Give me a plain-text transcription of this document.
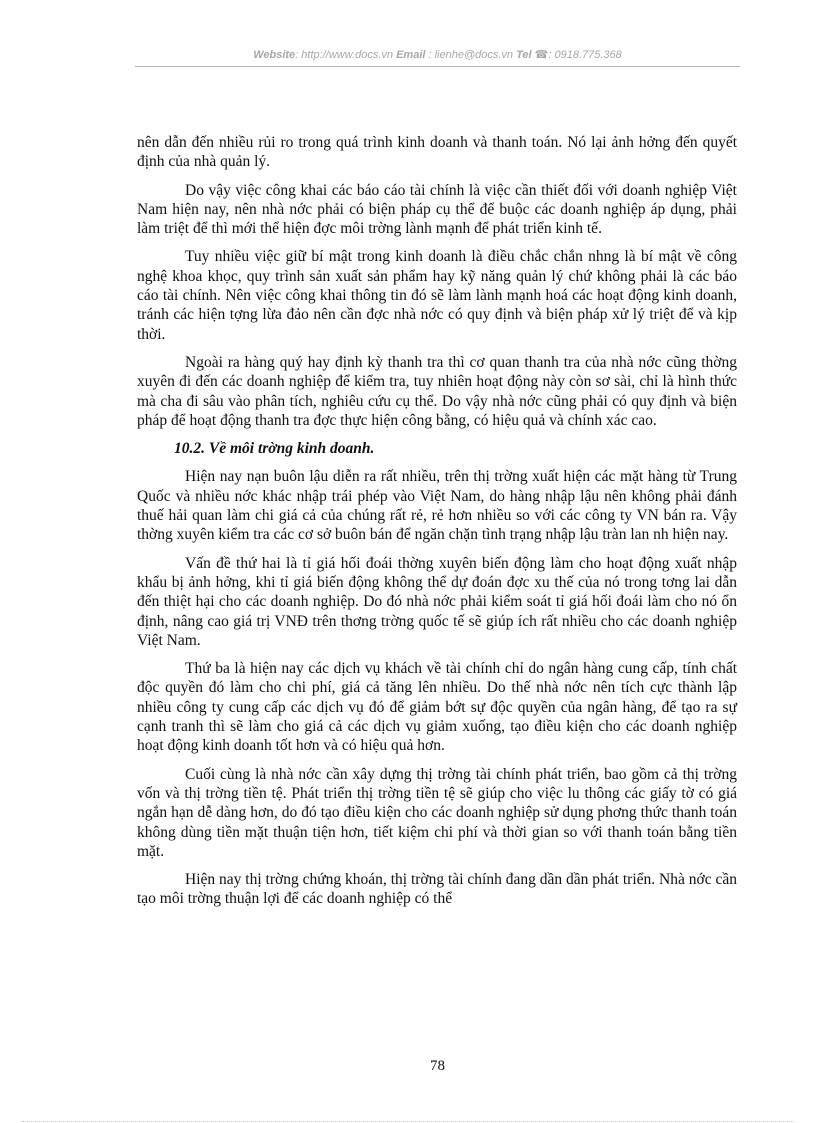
Website: http://www.docs.vn Email : lienhe@docs.vn Tel ☎: 0918.775.368

nên dẫn đến nhiều rủi ro trong quá trình kinh doanh và thanh toán. Nó lại ảnh hởng đến quyết định của nhà quản lý.

Do vậy việc công khai các báo cáo tài chính là việc cần thiết đối với doanh nghiệp Việt Nam hiện nay, nên nhà nớc phải có biện pháp cụ thể để buộc các doanh nghiệp áp dụng, phải làm triệt để thì mới thể hiện đợc môi trờng lành mạnh để phát triển kinh tế.

Tuy nhiều việc giữ bí mật trong kinh doanh là điều chắc chắn nhng là bí mật về công nghệ khoa khọc, quy trình sản xuất sản phẩm hay kỹ năng quản lý chứ không phải là các báo cáo tài chính. Nên việc công khai thông tin đó sẽ làm lành mạnh hoá các hoạt động kinh doanh, tránh các hiện tợng lừa đảo nên cần đợc nhà nớc có quy định và biện pháp xử lý triệt để và kịp thời.

Ngoài ra hàng quý hay định kỳ thanh tra thì cơ quan thanh tra của nhà nớc cũng thờng xuyên đi đến các doanh nghiệp để kiểm tra, tuy nhiên hoạt động này còn sơ sài, chỉ là hình thức mà cha đi sâu vào phân tích, nghiêu cứu cụ thể. Do vậy nhà nớc cũng phải có quy định và biện pháp để hoạt động thanh tra đợc thực hiện công bằng, có hiệu quả và chính xác cao.

10.2. Về môi trờng kinh doanh.

Hiện nay nạn buôn lậu diễn ra rất nhiều, trên thị trờng xuất hiện các mặt hàng từ Trung Quốc và nhiều nớc khác nhập trái phép vào Việt Nam, do hàng nhập lậu nên không phải đánh thuế hải quan làm chi giá cả của chúng rất rẻ, rẻ hơn nhiều so với các công ty VN bán ra. Vậy thờng xuyên kiểm tra các cơ sở buôn bán để ngăn chặn tình trạng nhập lậu tràn lan nh hiện nay.

Vấn đề thứ hai là tỉ giá hối đoái thờng xuyên biến động làm cho hoạt động xuất nhập khẩu bị ảnh hởng, khi tỉ giá biến động không thể dự đoán đợc xu thế của nó trong tơng lai dẫn đến thiệt hại cho các doanh nghiệp. Do đó nhà nớc phải kiểm soát tỉ giá hối đoái làm cho nó ổn định, nâng cao giá trị VNĐ trên thơng trờng quốc tế sẽ giúp ích rất nhiều cho các doanh nghiệp Việt Nam.

Thứ ba là hiện nay các dịch vụ khách về tài chính chỉ do ngân hàng cung cấp, tính chất độc quyền đó làm cho chi phí, giá cả tăng lên nhiều. Do thế nhà nớc nên tích cực thành lập nhiều công ty cung cấp các dịch vụ đó để giảm bớt sự độc quyền của ngân hàng, để tạo ra sự cạnh tranh thì sẽ làm cho giá cả các dịch vụ giảm xuống, tạo điều kiện cho các doanh nghiệp hoạt động kinh doanh tốt hơn và có hiệu quả hơn.

Cuối cùng là nhà nớc cần xây dựng thị trờng tài chính phát triển, bao gồm cả thị trờng vốn và thị trờng tiền tệ. Phát triển thị trờng tiền tệ sẽ giúp cho việc lu thông các giấy tờ có giá ngắn hạn dễ dàng hơn, do đó tạo điều kiện cho các doanh nghiệp sử dụng phơng thức thanh toán không dùng tiền mặt thuận tiện hơn, tiết kiệm chi phí và thời gian so với thanh toán bằng tiền mặt.

Hiện nay thị trờng chứng khoán, thị trờng tài chính đang dần dần phát triển. Nhà nớc cần tạo môi trờng thuận lợi để các doanh nghiệp có thể

78
